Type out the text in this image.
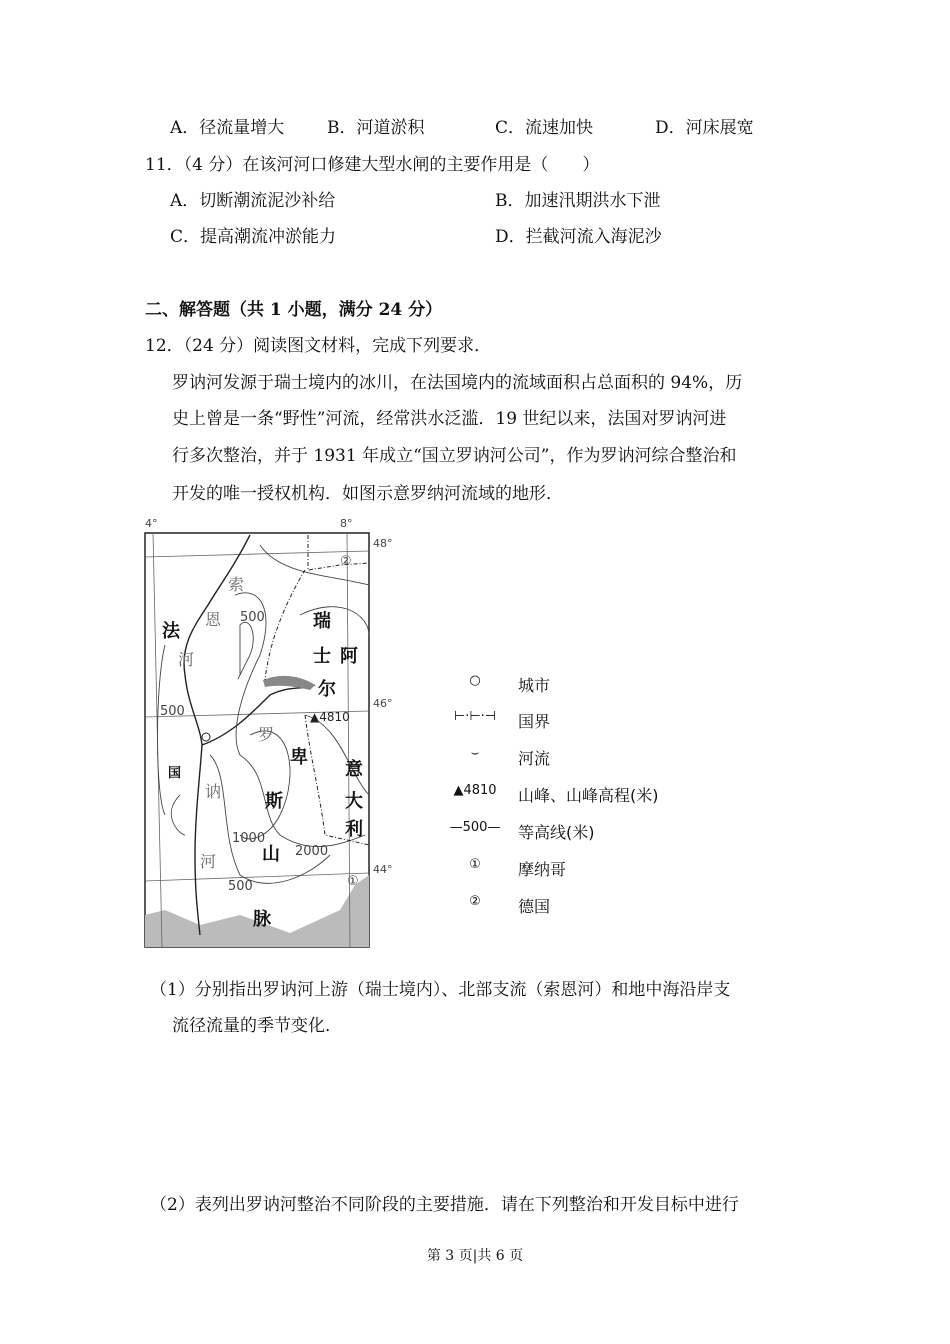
A．径流量增大	B．河道淤积	C．流速加快	D．河床展宽
11．（4 分）在该河河口修建大型水闸的主要作用是（　　）
A．切断潮流泥沙补给	B．加速汛期洪水下泄
C．提高潮流冲淤能力	D．拦截河流入海泥沙
二、解答题（共 1 小题，满分 24 分）
12．（24 分）阅读图文材料，完成下列要求．
罗讷河发源于瑞士境内的冰川，在法国境内的流域面积占总面积的 94%，历
史上曾是一条“野性”河流，经常洪水泛滥．19 世纪以来，法国对罗讷河进
行多次整治，并于 1931 年成立“国立罗讷河公司”，作为罗讷河综合整治和
开发的唯一授权机构．如图示意罗纳河流域的地形．
4°	8°
48°
46°
44°
▲4810
500
500
1000
2000
500	①
②
索
恩
河
罗
讷
河
法
国
瑞
士 阿
尔
卑
斯
山
脉
意
大
利
○	城市
⊢·⊢·⊣	国界
⌣	河流
▲4810	山峰、山峰高程(米)
—500—	等高线(米)
①	摩纳哥
②	德国
（1）分别指出罗讷河上游（瑞士境内）、北部支流（索恩河）和地中海沿岸支
流径流量的季节变化．
（2）表列出罗讷河整治不同阶段的主要措施．请在下列整治和开发目标中进行
第 3 页|共 6 页
